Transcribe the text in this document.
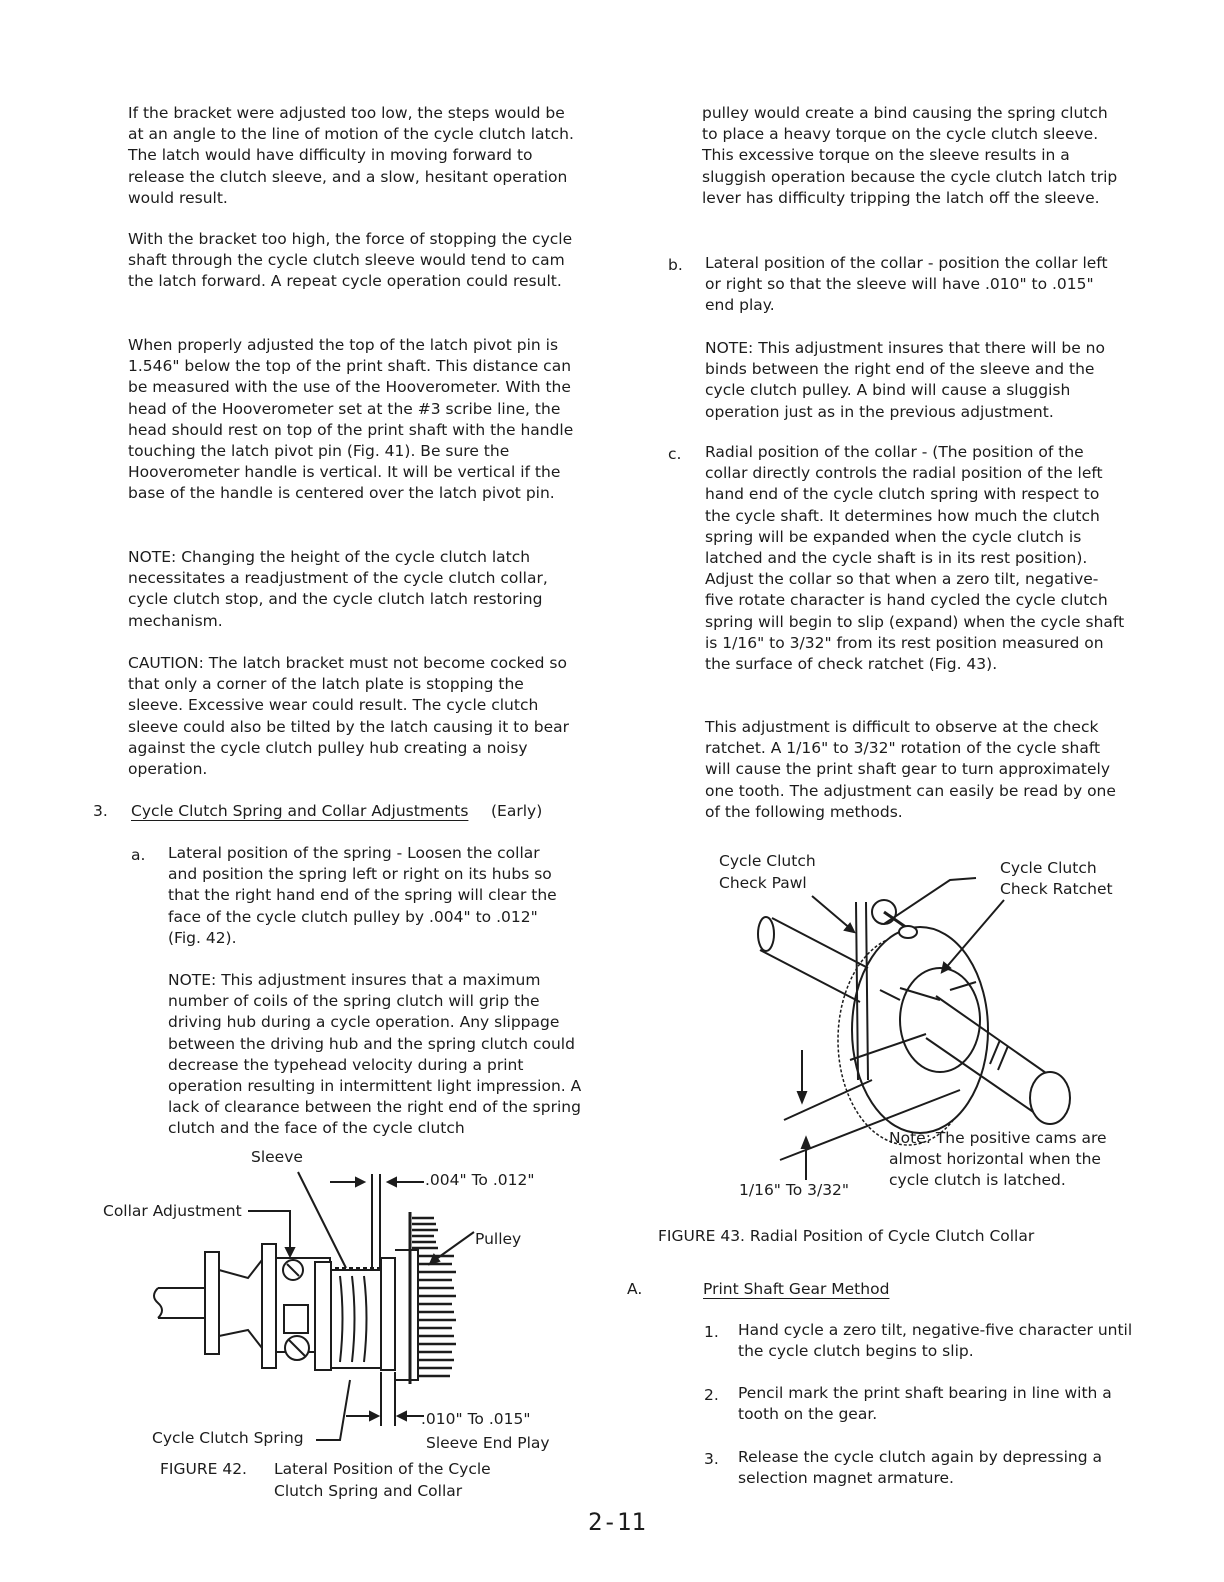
If the bracket were adjusted too low, the steps would be at an angle to the line of motion of the cycle clutch latch. The latch would have difficulty in moving forward to release the clutch sleeve, and a slow, hesitant operation would result.

With the bracket too high, the force of stopping the cycle shaft through the cycle clutch sleeve would tend to cam the latch forward. A repeat cycle operation could result.

When properly adjusted the top of the latch pivot pin is 1.546" below the top of the print shaft. This distance can be measured with the use of the Hooverometer. With the head of the Hooverometer set at the #3 scribe line, the head should rest on top of the print shaft with the handle touching the latch pivot pin (Fig. 41). Be sure the Hooverometer handle is vertical. It will be vertical if the base of the handle is centered over the latch pivot pin.

NOTE: Changing the height of the cycle clutch latch necessitates a readjustment of the cycle clutch collar, cycle clutch stop, and the cycle clutch latch restoring mechanism.

CAUTION: The latch bracket must not become cocked so that only a corner of the latch plate is stopping the sleeve. Excessive wear could result. The cycle clutch sleeve could also be tilted by the latch causing it to bear against the cycle clutch pulley hub creating a noisy operation.

3. Cycle Clutch Spring and Collar Adjustments (Early)
a. Lateral position of the spring - Loosen the collar and position the spring left or right on its hubs so that the right hand end of the spring will clear the face of the cycle clutch pulley by .004" to .012" (Fig. 42).

NOTE: This adjustment insures that a maximum number of coils of the spring clutch will grip the driving hub during a cycle operation. Any slippage between the driving hub and the spring clutch could decrease the typehead velocity during a print operation resulting in intermittent light impression. A lack of clearance between the right end of the spring clutch and the face of the cycle clutch

Sleeve
.004" To .012"
Collar Adjustment
Pulley
.010" To .015"
Sleeve End Play
Cycle Clutch Spring
FIGURE 42. Lateral Position of the Cycle
Clutch Spring and Collar

pulley would create a bind causing the spring clutch to place a heavy torque on the cycle clutch sleeve. This excessive torque on the sleeve results in a sluggish operation because the cycle clutch latch trip lever has difficulty tripping the latch off the sleeve.

b. Lateral position of the collar - position the collar left or right so that the sleeve will have .010" to .015" end play.

NOTE: This adjustment insures that there will be no binds between the right end of the sleeve and the cycle clutch pulley. A bind will cause a sluggish operation just as in the previous adjustment.

c. Radial position of the collar - (The position of the collar directly controls the radial position of the left hand end of the cycle clutch spring with respect to the cycle shaft. It determines how much the clutch spring will be expanded when the cycle clutch is latched and the cycle shaft is in its rest position). Adjust the collar so that when a zero tilt, negative-five rotate character is hand cycled the cycle clutch spring will begin to slip (expand) when the cycle shaft is 1/16" to 3/32" from its rest position measured on the surface of check ratchet (Fig. 43).

This adjustment is difficult to observe at the check ratchet. A 1/16" to 3/32" rotation of the cycle shaft will cause the print shaft gear to turn approximately one tooth. The adjustment can easily be read by one of the following methods.

Cycle Clutch
Check Pawl
Cycle Clutch
Check Ratchet
Note: The positive cams are
almost horizontal when the
cycle clutch is latched.
1/16" To 3/32"
FIGURE 43. Radial Position of Cycle Clutch Collar
A.	Print Shaft Gear Method
1. Hand cycle a zero tilt, negative-five character until the cycle clutch begins to slip.

2. Pencil mark the print shaft bearing in line with a tooth on the gear.

3. Release the cycle clutch again by depressing a selection magnet armature.

2-11
